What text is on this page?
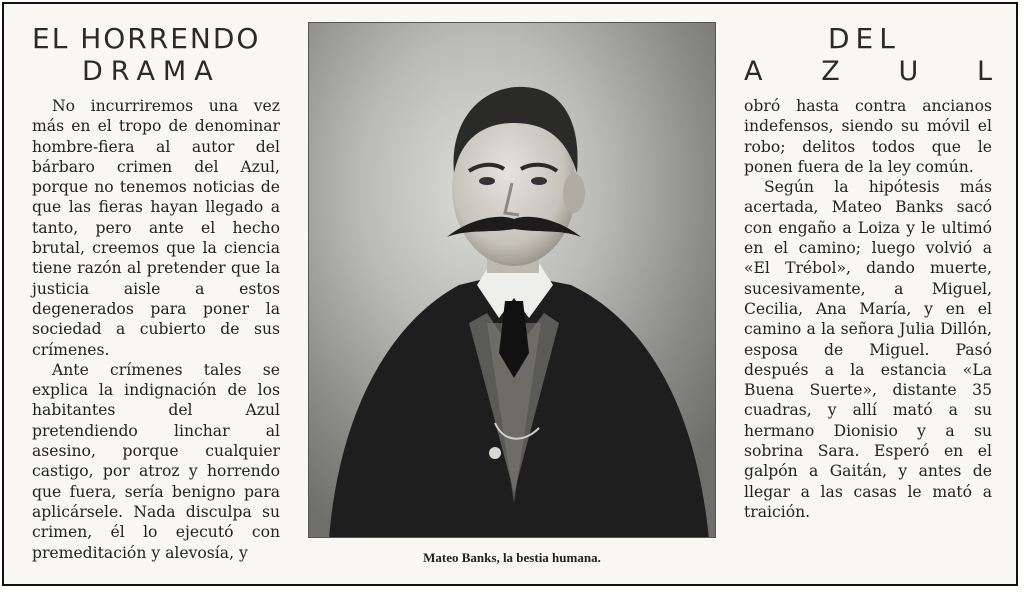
EL HORRENDO
DRAMA
DEL
A Z U L

No incurriremos una vez más en el tropo de denominar hombre-fiera al autor del bárbaro crimen del Azul, porque no tenemos noticias de que las fieras hayan llegado a tanto, pero ante el hecho brutal, creemos que la ciencia tiene razón al pretender que la justicia aisle a estos degenerados para poner la sociedad a cubierto de sus crímenes.

Ante crímenes tales se explica la indignación de los habitantes del Azul pretendiendo linchar al asesino, porque cualquier castigo, por atroz y horrendo que fuera, sería benigno para aplicársele. Nada disculpa su crimen, él lo ejecutó con premeditación y alevosía, y	Mateo Banks, la bestia humana.

obró hasta contra ancianos indefensos, siendo su móvil el robo; delitos todos que le ponen fuera de la ley común.

Según la hipótesis más acertada, Mateo Banks sacó con engaño a Loiza y le ultimó en el camino; luego volvió a «El Trébol», dando muerte, sucesivamente, a Miguel, Cecilia, Ana María, y en el camino a la señora Julia Dillón, esposa de Miguel. Pasó después a la estancia «La Buena Suerte», distante 35 cuadras, y allí mató a su hermano Dionisio y a su sobrina Sara. Esperó en el galpón a Gaitán, y antes de llegar a las casas le mató a traición.
